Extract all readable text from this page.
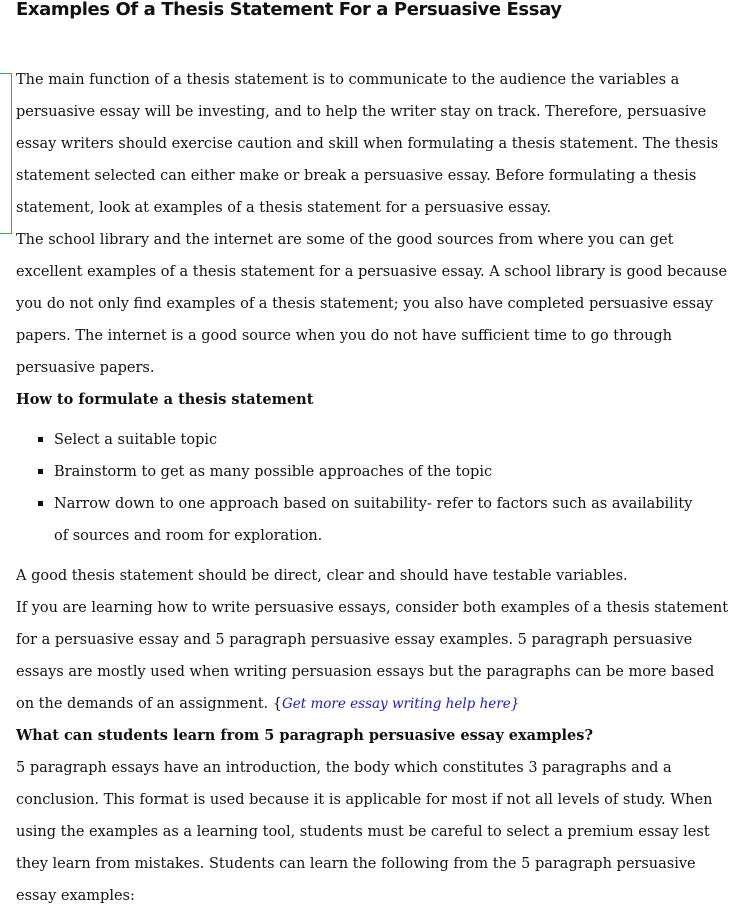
Examples Of a Thesis Statement For a Persuasive Essay

The main function of a thesis statement is to communicate to the audience the variables a persuasive essay will be investing, and to help the writer stay on track. Therefore, persuasive essay writers should exercise caution and skill when formulating a thesis statement. The thesis statement selected can either make or break a persuasive essay. Before formulating a thesis statement, look at examples of a thesis statement for a persuasive essay.

The school library and the internet are some of the good sources from where you can get excellent examples of a thesis statement for a persuasive essay. A school library is good because you do not only find examples of a thesis statement; you also have completed persuasive essay papers. The internet is a good source when you do not have sufficient time to go through persuasive papers.

How to formulate a thesis statement

Select a suitable topic
Brainstorm to get as many possible approaches of the topic
Narrow down to one approach based on suitability- refer to factors such as availability of sources and room for exploration.

A good thesis statement should be direct, clear and should have testable variables.

If you are learning how to write persuasive essays, consider both examples of a thesis statement for a persuasive essay and 5 paragraph persuasive essay examples. 5 paragraph persuasive essays are mostly used when writing persuasion essays but the paragraphs can be more based on the demands of an assignment. {Get more essay writing help here}

What can students learn from 5 paragraph persuasive essay examples?

5 paragraph essays have an introduction, the body which constitutes 3 paragraphs and a conclusion. This format is used because it is applicable for most if not all levels of study. When using the examples as a learning tool, students must be careful to select a premium essay lest they learn from mistakes. Students can learn the following from the 5 paragraph persuasive essay examples:
